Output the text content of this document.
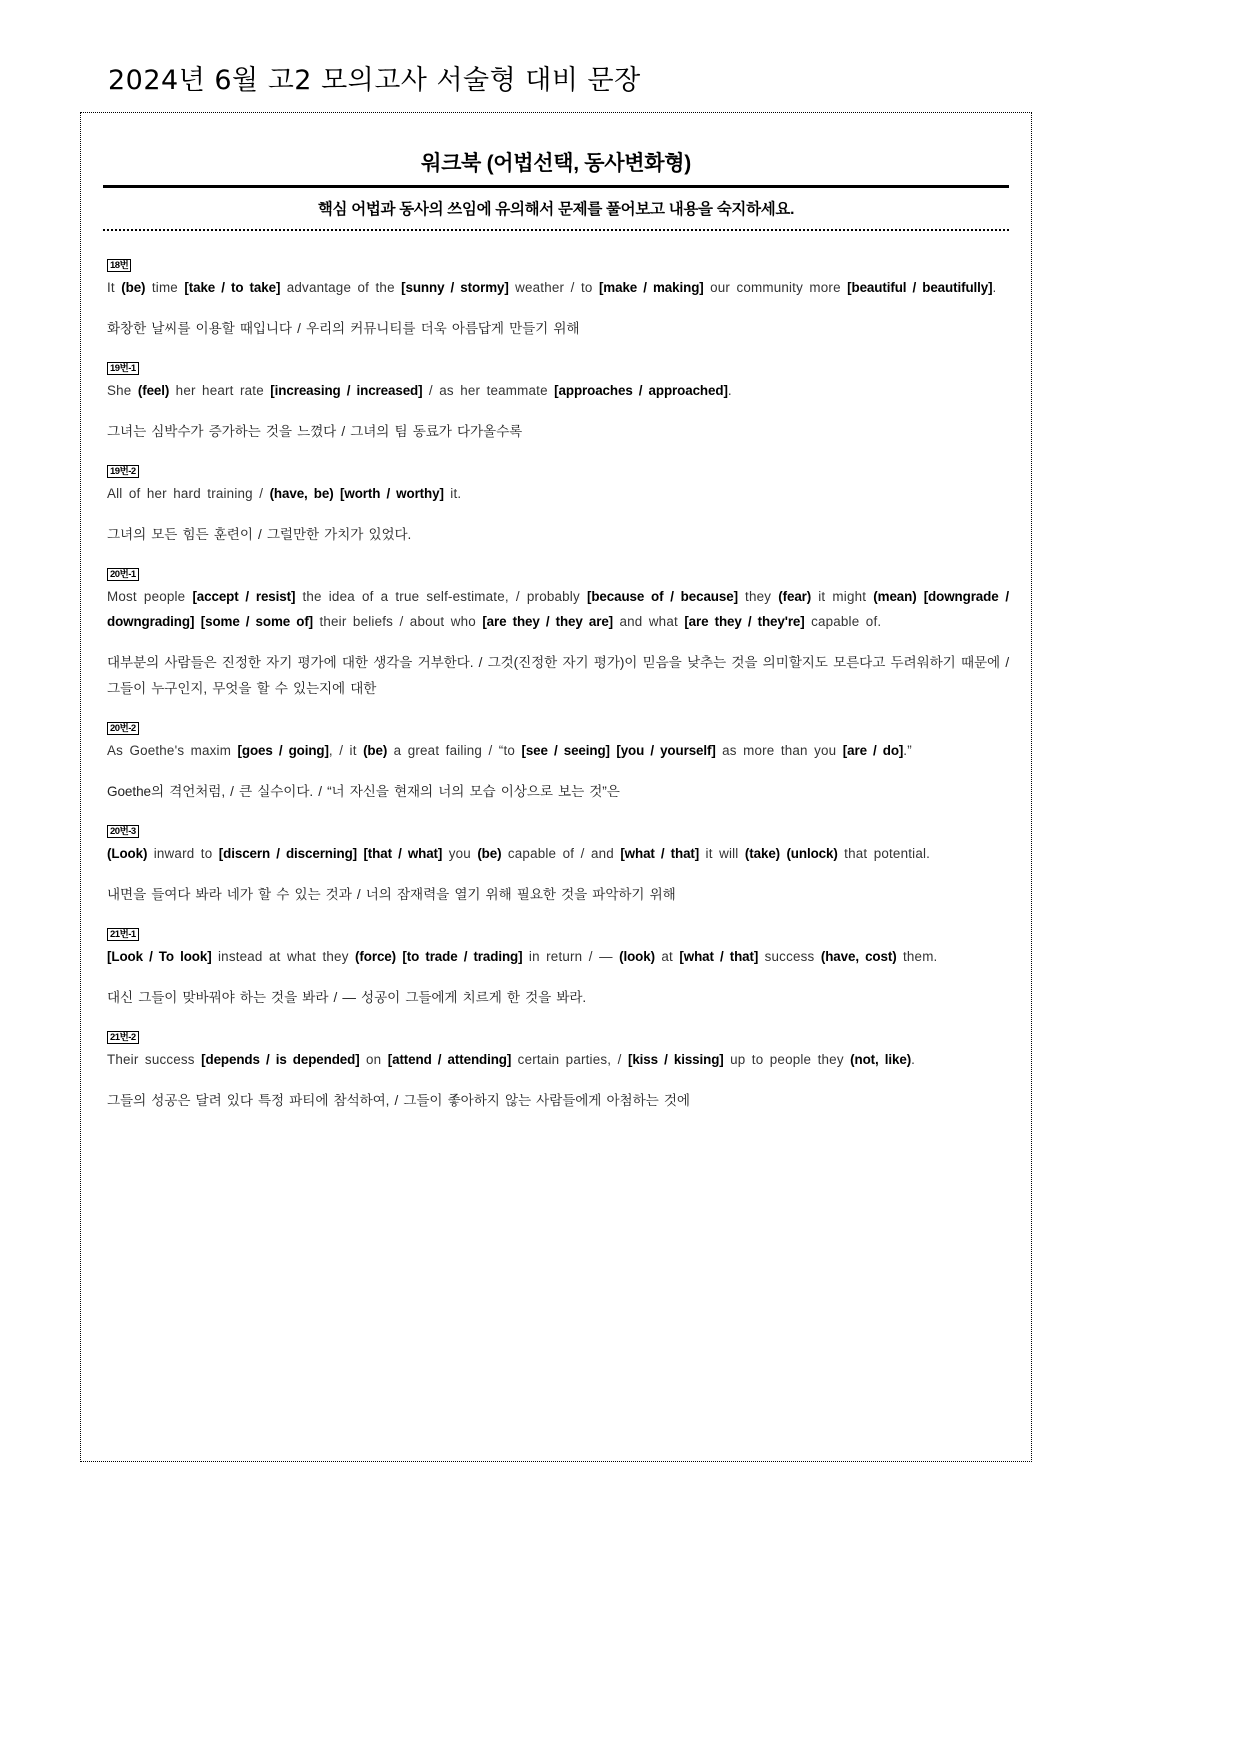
2024년 6월 고2 모의고사 서술형 대비 문장
워크북 (어법선택, 동사변화형)
핵심 어법과 동사의 쓰임에 유의해서 문제를 풀어보고 내용을 숙지하세요.
18번
It (be) time [take / to take] advantage of the [sunny / stormy] weather / to [make / making] our community more [beautiful / beautifully].
화창한 날씨를 이용할 때입니다 / 우리의 커뮤니티를 더욱 아름답게 만들기 위해
19번-1
She (feel) her heart rate [increasing / increased] / as her teammate [approaches / approached].
그녀는 심박수가 증가하는 것을 느꼈다 / 그녀의 팀 동료가 다가올수록
19번-2
All of her hard training / (have, be) [worth / worthy] it.
그녀의 모든 힘든 훈련이 / 그럴만한 가치가 있었다.
20번-1
Most people [accept / resist] the idea of a true self-estimate, / probably [because of / because] they (fear) it might (mean) [downgrade / downgrading] [some / some of] their beliefs / about who [are they / they are] and what [are they / they're] capable of.
대부분의 사람들은 진정한 자기 평가에 대한 생각을 거부한다. / 그것(진정한 자기 평가)이 믿음을 낮추는 것을 의미할지도 모른다고 두려워하기 때문에 / 그들이 누구인지, 무엇을 할 수 있는지에 대한
20번-2
As Goethe's maxim [goes / going], / it (be) a great failing / “to [see / seeing] [you / yourself] as more than you [are / do].”
Goethe의 격언처럼, / 큰 실수이다. / “너 자신을 현재의 너의 모습 이상으로 보는 것”은
20번-3
(Look) inward to [discern / discerning] [that / what] you (be) capable of / and [what / that] it will (take) (unlock) that potential.
내면을 들여다 봐라 네가 할 수 있는 것과 / 너의 잠재력을 열기 위해 필요한 것을 파악하기 위해
21번-1
[Look / To look] instead at what they (force) [to trade / trading] in return / — (look) at [what / that] success (have, cost) them.
대신 그들이 맞바꿔야 하는 것을 봐라 / — 성공이 그들에게 치르게 한 것을 봐라.
21번-2
Their success [depends / is depended] on [attend / attending] certain parties, / [kiss / kissing] up to people they (not, like).
그들의 성공은 달려 있다 특정 파티에 참석하여, / 그들이 좋아하지 않는 사람들에게 아첨하는 것에
